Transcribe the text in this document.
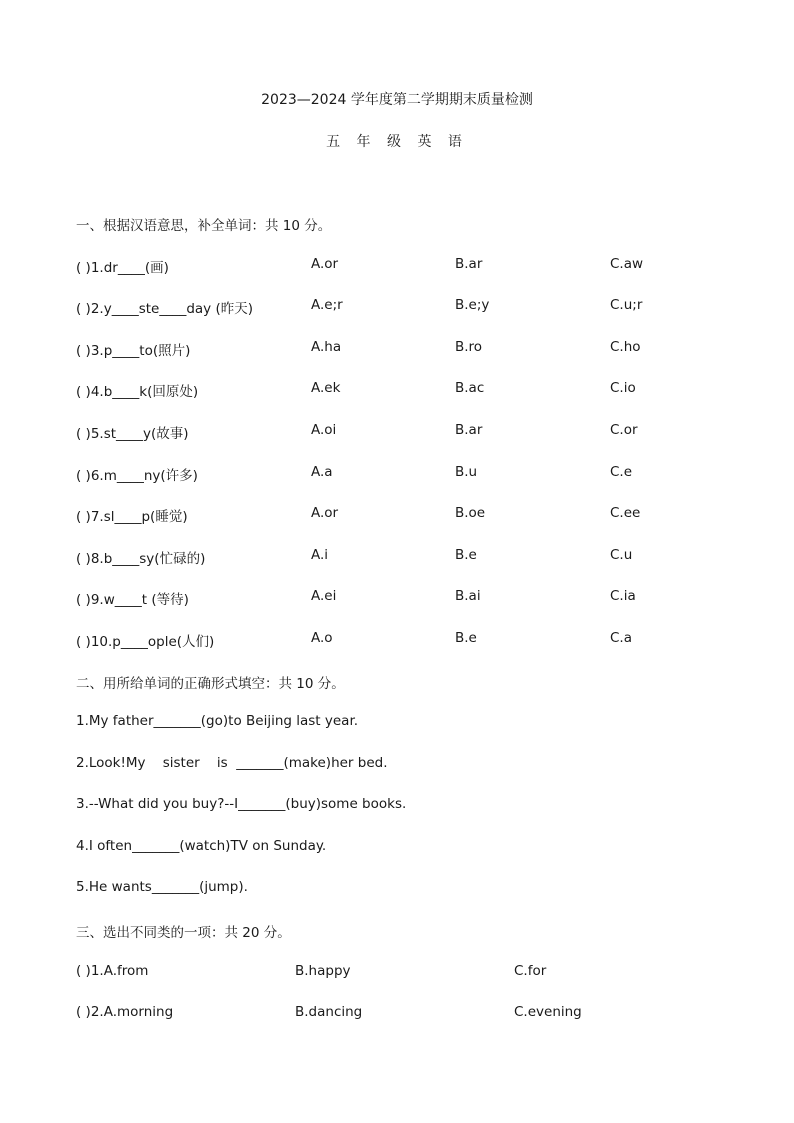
2023—2024 学年度第二学期期末质量检测
五 年 级 英 语
一、根据汉语意思，补全单词：共 10 分。
( )1.dr____(画)	A.or	B.ar	C.aw
( )2.y____ste____day (昨天)	A.e;r	B.e;y	C.u;r
( )3.p____to(照片)	A.ha	B.ro	C.ho
( )4.b____k(回原处)	A.ek	B.ac	C.io
( )5.st____y(故事)	A.oi	B.ar	C.or
( )6.m____ny(许多)	A.a	B.u	C.e
( )7.sl____p(睡觉)	A.or	B.oe	C.ee
( )8.b____sy(忙碌的)	A.i	B.e	C.u
( )9.w____t (等待)	A.ei	B.ai	C.ia
( )10.p____ople(人们)	A.o	B.e	C.a
二、用所给单词的正确形式填空：共 10 分。
1.My father_______(go)to Beijing last year.
2.Look!My    sister    is  _______(make)her bed.
3.--What did you buy?--I_______(buy)some books.
4.I often_______(watch)TV on Sunday.
5.He wants_______(jump).
三、选出不同类的一项：共 20 分。
( )1.A.from	B.happy	C.for
( )2.A.morning	B.dancing	C.evening
